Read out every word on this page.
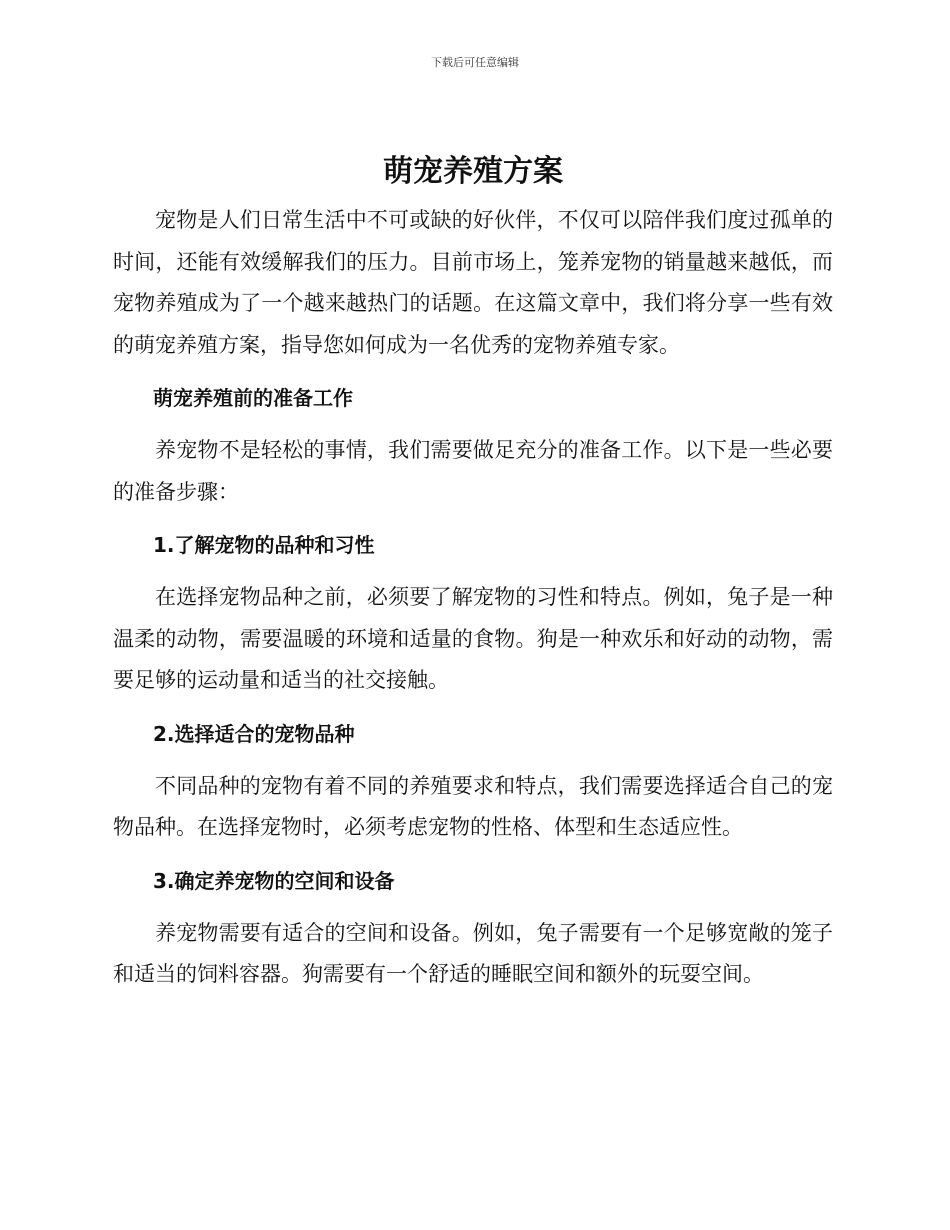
下载后可任意编辑
萌宠养殖方案

宠物是人们日常生活中不可或缺的好伙伴，不仅可以陪伴我们度过孤单的时间，还能有效缓解我们的压力。目前市场上，笼养宠物的销量越来越低，而宠物养殖成为了一个越来越热门的话题。在这篇文章中，我们将分享一些有效的萌宠养殖方案，指导您如何成为一名优秀的宠物养殖专家。

萌宠养殖前的准备工作

养宠物不是轻松的事情，我们需要做足充分的准备工作。以下是一些必要的准备步骤：

1.了解宠物的品种和习性

在选择宠物品种之前，必须要了解宠物的习性和特点。例如，兔子是一种温柔的动物，需要温暖的环境和适量的食物。狗是一种欢乐和好动的动物，需要足够的运动量和适当的社交接触。

2.选择适合的宠物品种

不同品种的宠物有着不同的养殖要求和特点，我们需要选择适合自己的宠物品种。在选择宠物时，必须考虑宠物的性格、体型和生态适应性。

3.确定养宠物的空间和设备

养宠物需要有适合的空间和设备。例如，兔子需要有一个足够宽敞的笼子和适当的饲料容器。狗需要有一个舒适的睡眠空间和额外的玩耍空间。
